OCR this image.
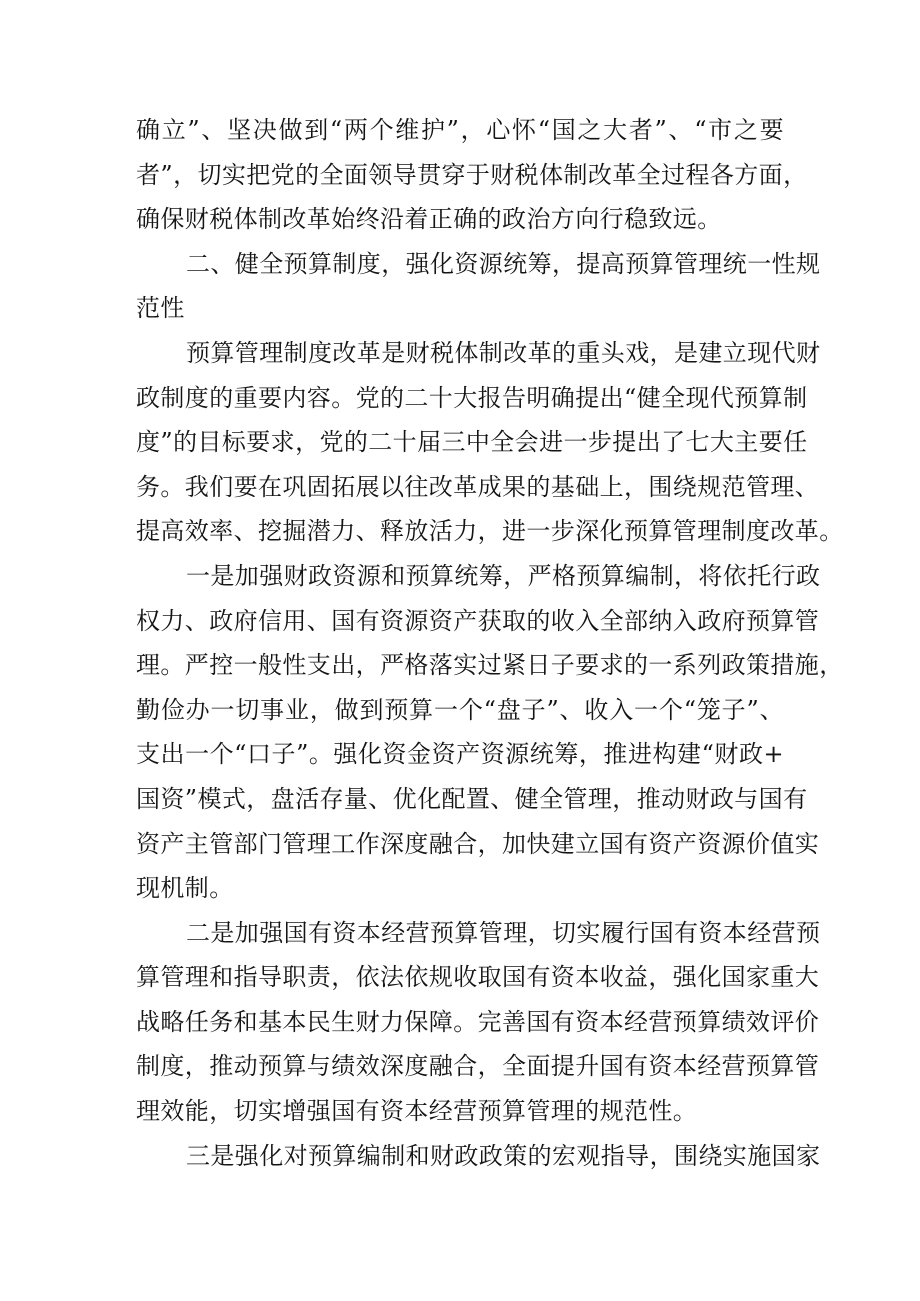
确立”、坚决做到“两个维护”，心怀“国之大者”、“市之要
者”，切实把党的全面领导贯穿于财税体制改革全过程各方面，
确保财税体制改革始终沿着正确的政治方向行稳致远。
二、健全预算制度，强化资源统筹，提高预算管理统一性规
范性
预算管理制度改革是财税体制改革的重头戏，是建立现代财
政制度的重要内容。党的二十大报告明确提出“健全现代预算制
度”的目标要求，党的二十届三中全会进一步提出了七大主要任
务。我们要在巩固拓展以往改革成果的基础上，围绕规范管理、
提高效率、挖掘潜力、释放活力，进一步深化预算管理制度改革。
一是加强财政资源和预算统筹，严格预算编制，将依托行政
权力、政府信用、国有资源资产获取的收入全部纳入政府预算管
理。严控一般性支出，严格落实过紧日子要求的一系列政策措施，
勤俭办一切事业，做到预算一个“盘子”、收入一个“笼子”、
支出一个“口子”。强化资金资产资源统筹，推进构建“财政+
国资”模式，盘活存量、优化配置、健全管理，推动财政与国有
资产主管部门管理工作深度融合，加快建立国有资产资源价值实
现机制。
二是加强国有资本经营预算管理，切实履行国有资本经营预
算管理和指导职责，依法依规收取国有资本收益，强化国家重大
战略任务和基本民生财力保障。完善国有资本经营预算绩效评价
制度，推动预算与绩效深度融合，全面提升国有资本经营预算管
理效能，切实增强国有资本经营预算管理的规范性。
三是强化对预算编制和财政政策的宏观指导，围绕实施国家
